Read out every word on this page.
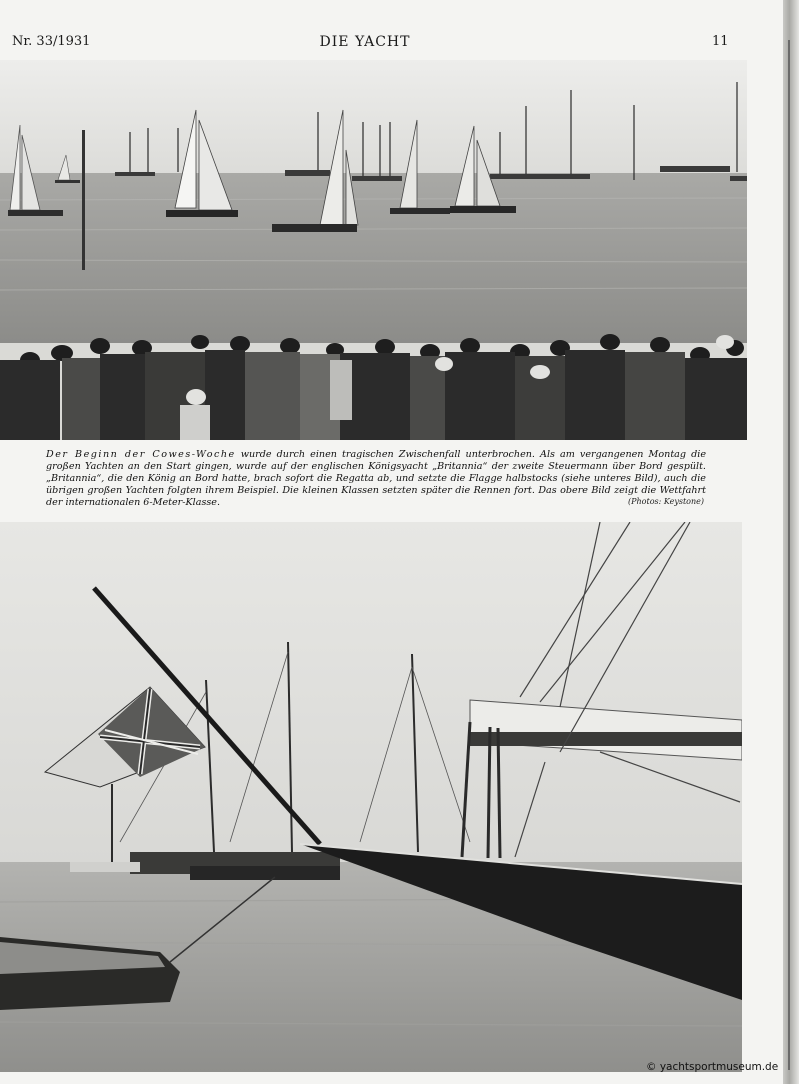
Nr. 33/1931	DIE YACHT	11
Der Beginn der Cowes-Woche wurde durch einen tragischen Zwischenfall unterbrochen. Als am vergangenen Montag die großen Yachten an den Start gingen, wurde auf der englischen Königsyacht „Britannia“ der zweite Steuermann über Bord gespült. „Britannia“, die den König an Bord hatte, brach sofort die Regatta ab, und setzte die Flagge halbstocks (siehe unteres Bild), auch die übrigen großen Yachten folgten ihrem Beispiel. Die kleinen Klassen setzten später die Rennen fort. Das obere Bild zeigt die Wettfahrt der internationalen 6-Meter-Klasse.	(Photos: Keystone)
© yachtsportmuseum.de
